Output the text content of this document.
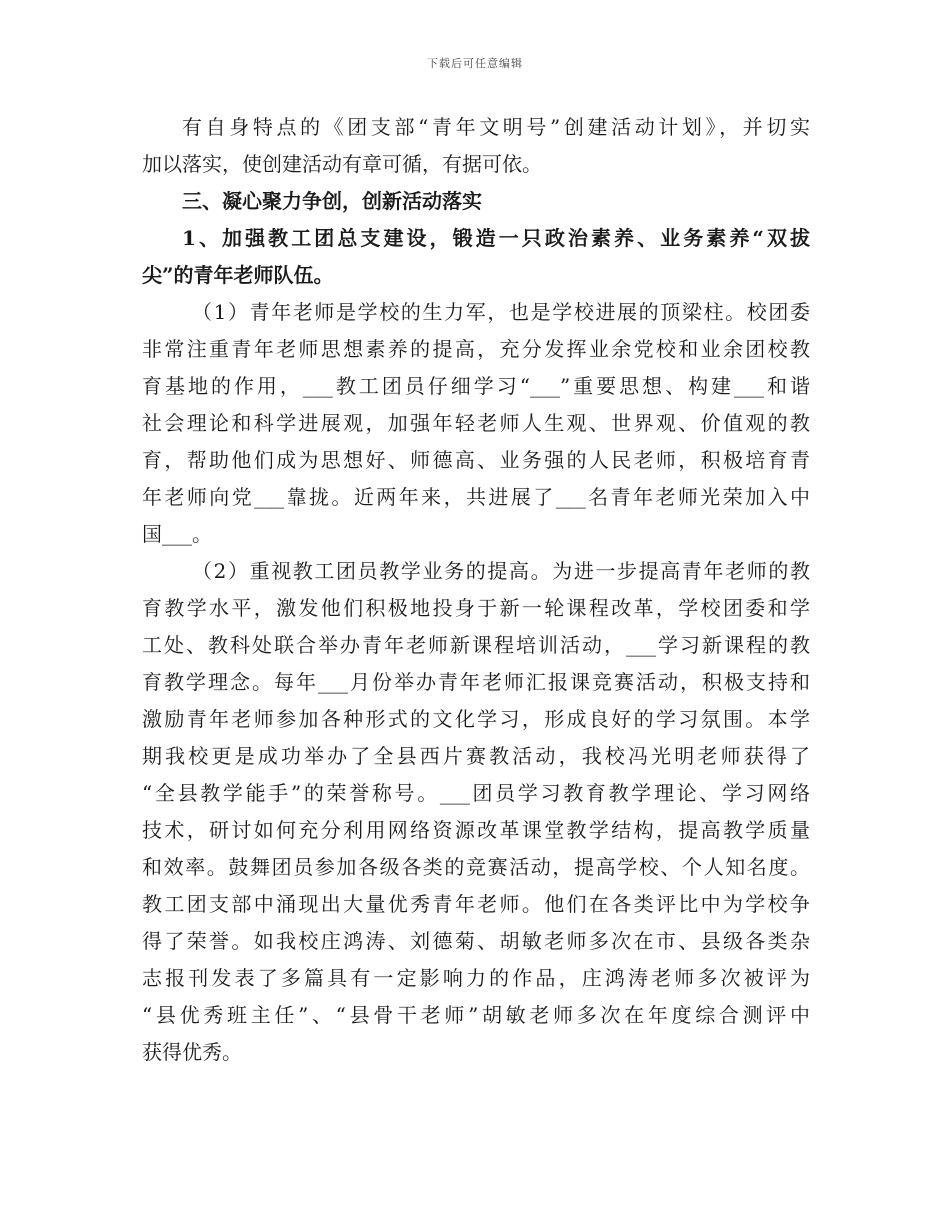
下载后可任意编辑
有自身特点的《团支部“青年文明号”创建活动计划》，并切实
加以落实，使创建活动有章可循，有据可依。
三、凝心聚力争创，创新活动落实
1、加强教工团总支建设，锻造一只政治素养、业务素养“双拔
尖”的青年老师队伍。
（1）青年老师是学校的生力军，也是学校进展的顶梁柱。校团委
非常注重青年老师思想素养的提高，充分发挥业余党校和业余团校教
育基地的作用，___教工团员仔细学习“___”重要思想、构建___和谐
社会理论和科学进展观，加强年轻老师人生观、世界观、价值观的教
育，帮助他们成为思想好、师德高、业务强的人民老师，积极培育青
年老师向党___靠拢。近两年来，共进展了___名青年老师光荣加入中
国___。
（2）重视教工团员教学业务的提高。为进一步提高青年老师的教
育教学水平，激发他们积极地投身于新一轮课程改革，学校团委和学
工处、教科处联合举办青年老师新课程培训活动，___学习新课程的教
育教学理念。每年___月份举办青年老师汇报课竞赛活动，积极支持和
激励青年老师参加各种形式的文化学习，形成良好的学习氛围。本学
期我校更是成功举办了全县西片赛教活动，我校冯光明老师获得了
“全县教学能手”的荣誉称号。___团员学习教育教学理论、学习网络
技术，研讨如何充分利用网络资源改革课堂教学结构，提高教学质量
和效率。鼓舞团员参加各级各类的竞赛活动，提高学校、个人知名度。
教工团支部中涌现出大量优秀青年老师。他们在各类评比中为学校争
得了荣誉。如我校庄鸿涛、刘德菊、胡敏老师多次在市、县级各类杂
志报刊发表了多篇具有一定影响力的作品，庄鸿涛老师多次被评为
“县优秀班主任”、“县骨干老师”胡敏老师多次在年度综合测评中
获得优秀。
